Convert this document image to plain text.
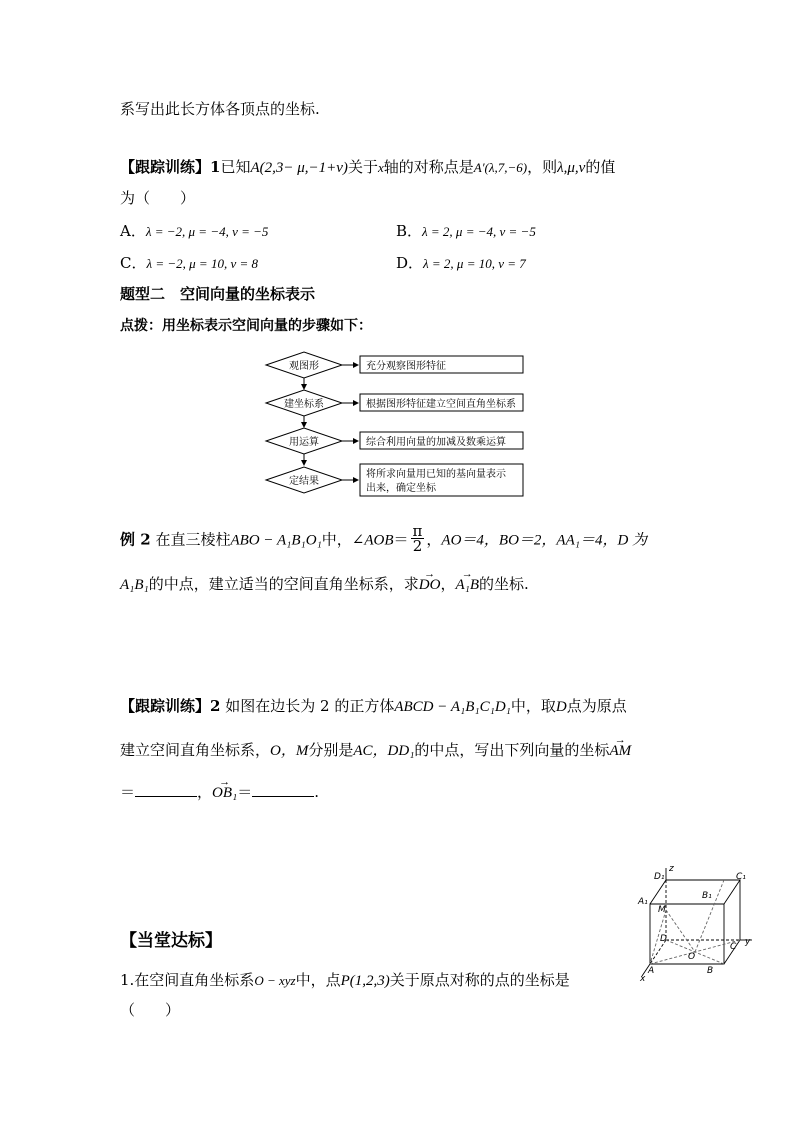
系写出此长方体各顶点的坐标.
【跟踪训练】1已知A(2,3− μ,−1+ν)关于x轴的对称点是A′(λ,7,−6)，则λ,μ,ν的值
为（　　）
A．λ = −2, μ = −4, ν = −5	B．λ = 2, μ = −4, ν = −5
C．λ = −2, μ = 10, ν = 8	D．λ = 2, μ = 10, ν = 7
题型二　空间向量的坐标表示
点拨：用坐标表示空间向量的步骤如下：
观图形	充分观察图形特征
建坐标系	根据图形特征建立空间直角坐标系
用运算	综合利用向量的加减及数乘运算
定结果
将所求向量用已知的基向量表示
出来，确定坐标
例 2 在直三棱柱ABO − A₁B₁O₁中，∠AOB＝ $\frac{\pi}{2}$ ，AO＝4，BO＝2，AA₁＝4，D 为
A₁B₁的中点，建立适当的空间直角坐标系，求→ DO，→ A₁B的坐标.
【跟踪训练】2 如图在边长为 2 的正方体ABCD − A₁B₁C₁D₁中，取D点为原点
建立空间直角坐标系，O，M分别是AC，DD₁的中点，写出下列向量的坐标→ AM
＝	，→ OB₁＝	.
z
y
x
D₁	C₁
B₁
A₁
M
D
C
O
A	B
【当堂达标】
1.在空间直角坐标系O − xyz中，点P(1,2,3)关于原点对称的点的坐标是
（　　）
